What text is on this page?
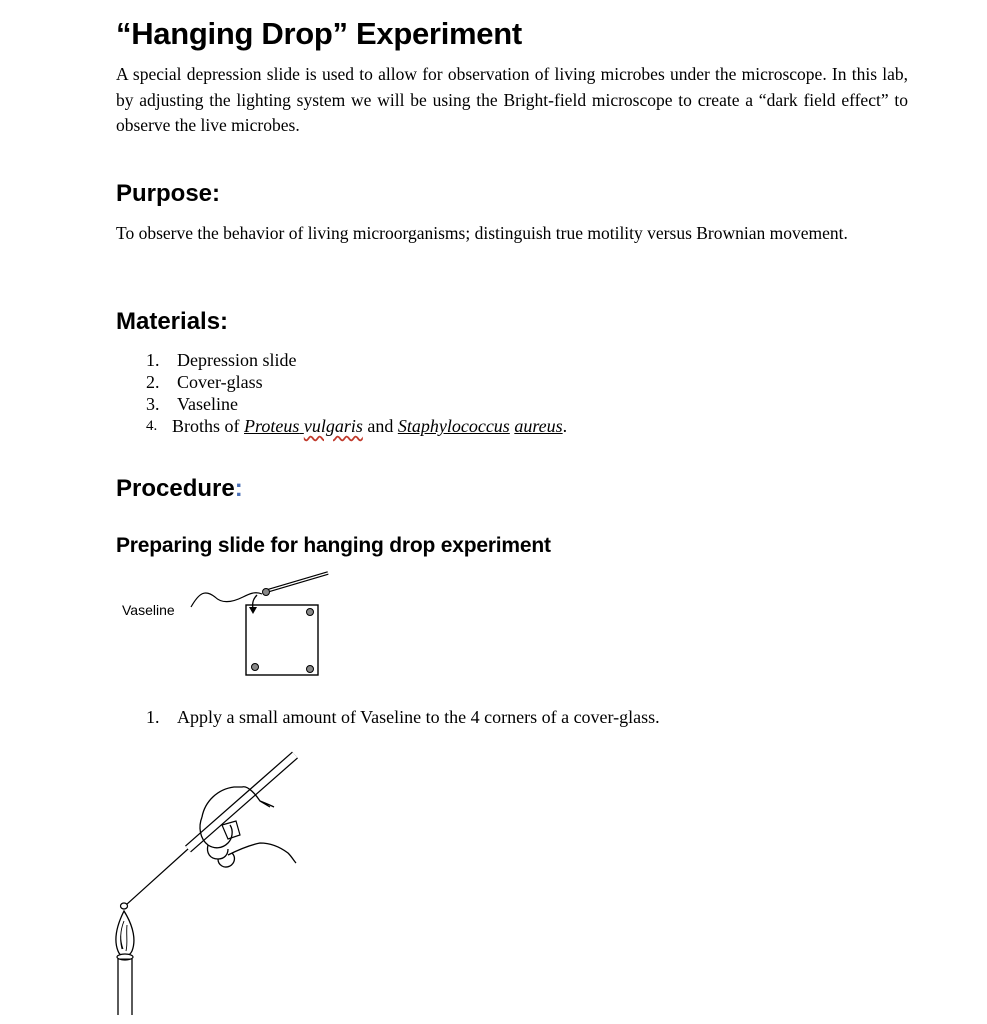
“Hanging Drop” Experiment
A special depression slide is used to allow for observation of living microbes under the microscope. In this lab, by adjusting the lighting system we will be using the Bright-field microscope to create a “dark field effect” to observe the live microbes.
Purpose:
To observe the behavior of living microorganisms; distinguish true motility versus Brownian movement.
Materials:
1. Depression slide
2. Cover-glass
3. Vaseline
4. Broths of Proteus vulgaris and Staphylococcus aureus.
Procedure:
Preparing slide for hanging drop experiment
Vaseline
1. Apply a small amount of Vaseline to the 4 corners of a cover-glass.
